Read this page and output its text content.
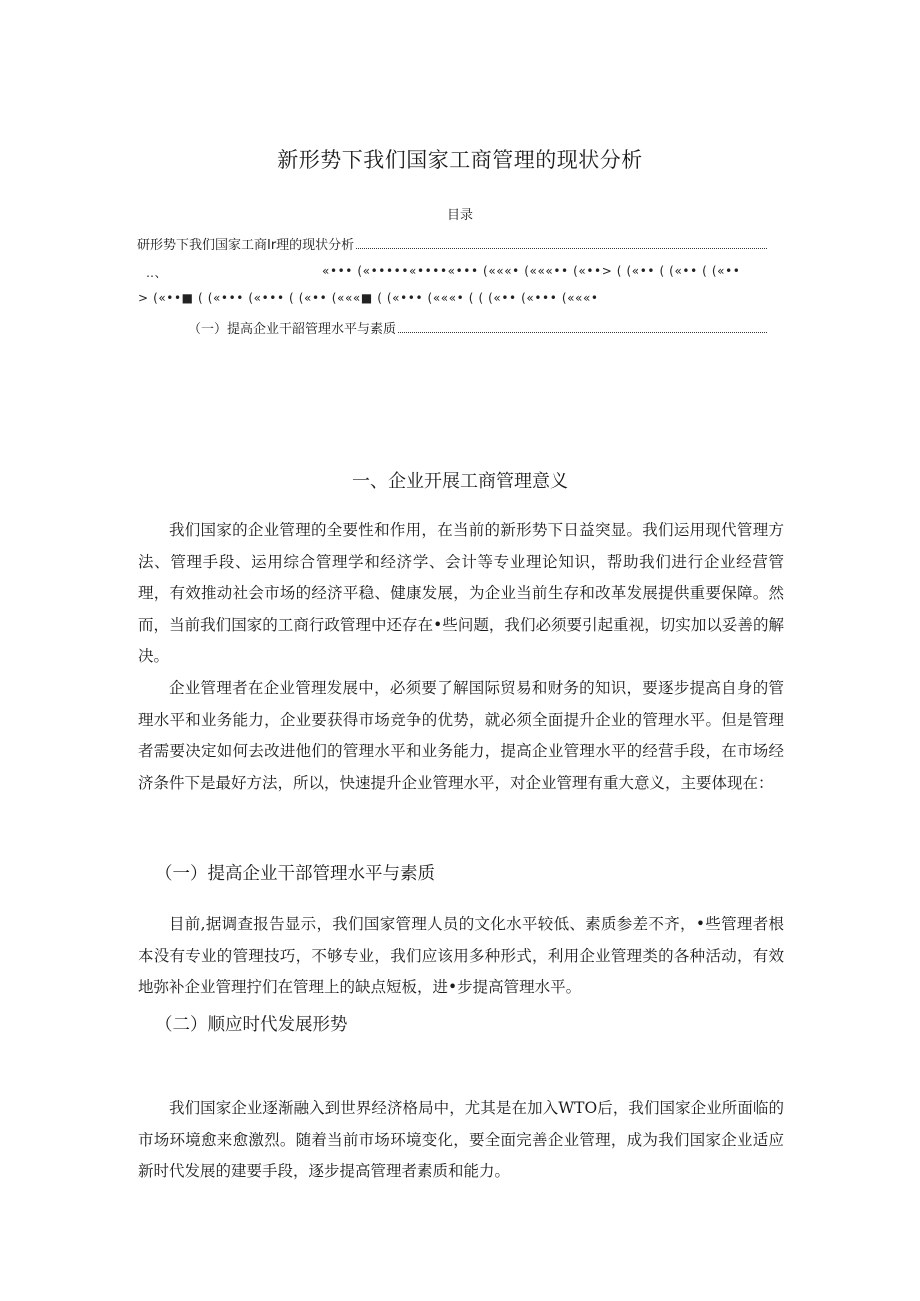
新形势下我们国家工商管理的现状分析
目录
研形势下我们国家工商Ir理的现状分析
‥、	«••• («•••••«••••«••• («««• («««•• («••> ( («•• ( («•• ( («••
> («••■ ( («••• («••• ( («•• («««■ ( («••• («««• ( ( («•• («••• («««•
（一）提高企业干韶管理水平与素质
一、企业开展工商管理意义

我们国家的企业管理的全要性和作用，在当前的新形势下日益突显。我们运用现代管理方法、管理手段、运用综合管理学和经济学、会计等专业理论知识，帮助我们进行企业经营管理，有效推动社会市场的经济平稳、健康发展，为企业当前生存和改革发展提供重要保障。然而，当前我们国家的工商行政管理中还存在•些问题，我们必须要引起重视，切实加以妥善的解决。

企业管理者在企业管理发展中，必须要了解国际贸易和财务的知识，要逐步提高自身的管理水平和业务能力，企业要获得市场竞争的优势，就必须全面提升企业的管理水平。但是管理者需要决定如何去改进他们的管理水平和业务能力，提高企业管理水平的经营手段，在市场经济条件下是最好方法，所以，快速提升企业管理水平，对企业管理有重大意义，主要体现在：

（一）提高企业干部管理水平与素质

目前,据调查报告显示，我们国家管理人员的文化水平较低、素质参差不齐，•些管理者根本没有专业的管理技巧，不够专业，我们应该用多种形式，利用企业管理类的各种活动，有效地弥补企业管理拧们在管理上的缺点短板，进•步提高管理水平。

（二）顺应时代发展形势

我们国家企业逐渐融入到世界经济格局中，尤其是在加入WTO后，我们国家企业所面临的市场环境愈来愈激烈。随着当前市场环境变化，要全面完善企业管理，成为我们国家企业适应新时代发展的建要手段，逐步提高管理者素质和能力。
